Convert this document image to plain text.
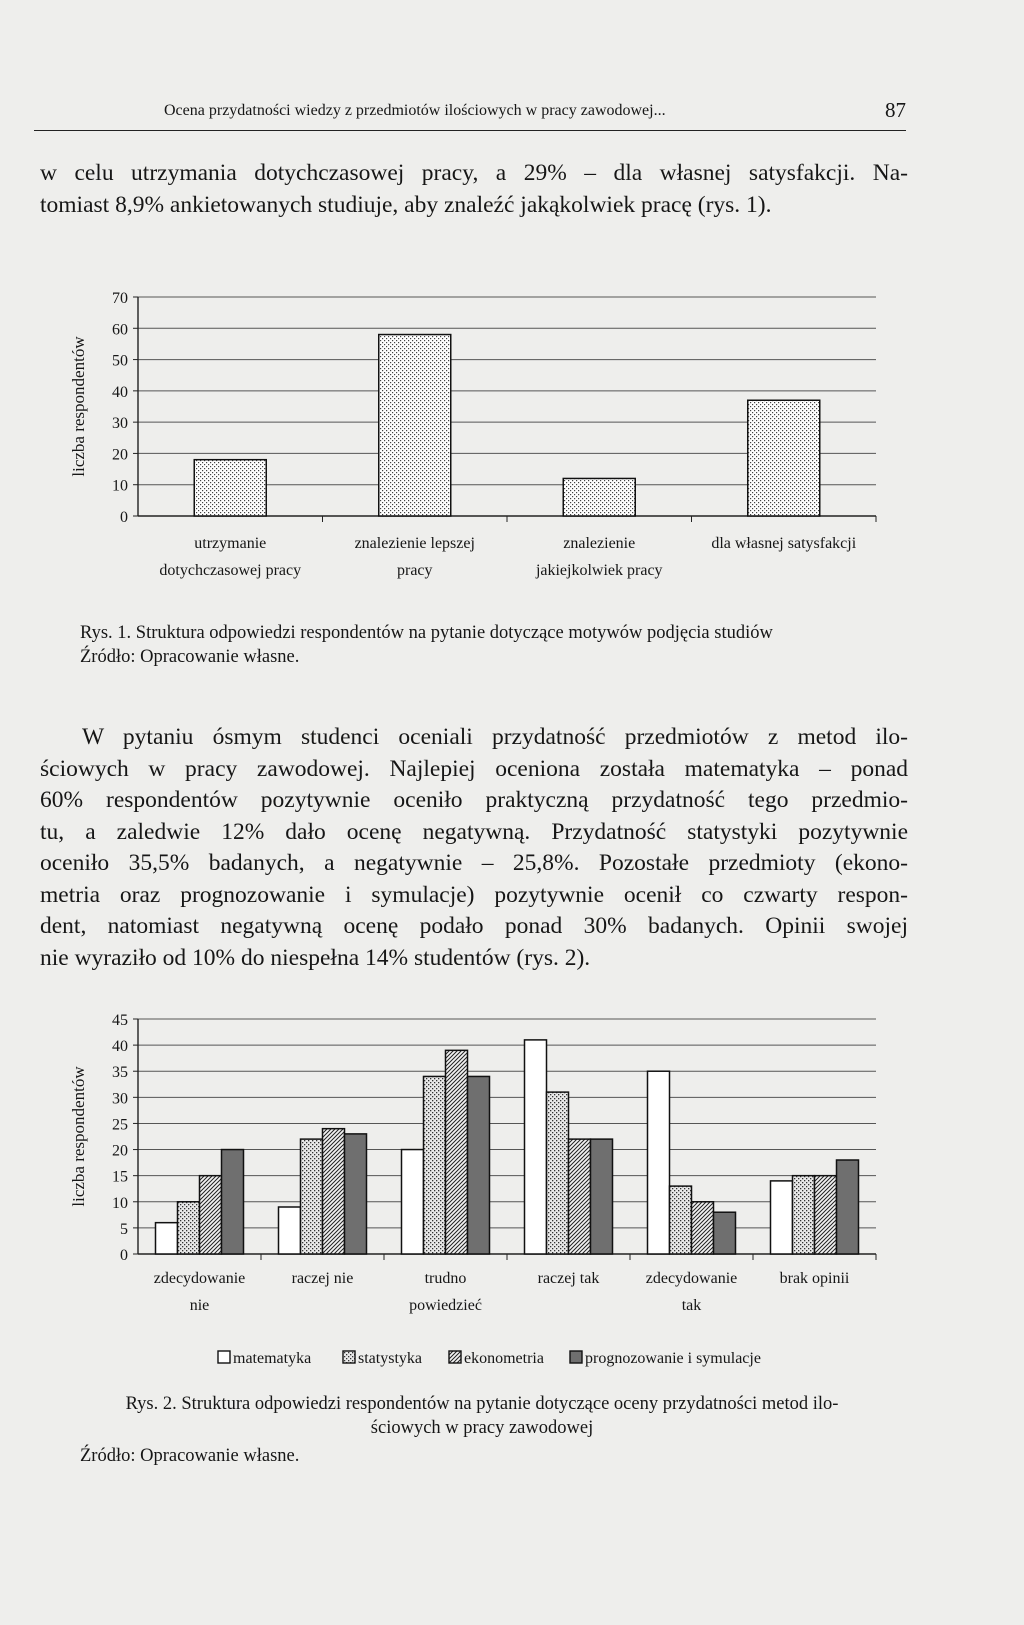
Ocena przydatności wiedzy z przedmiotów ilościowych w pracy zawodowej...	87

w celu utrzymania dotychczasowej pracy, a 29% – dla własnej satysfakcji. Na-
tomiast 8,9% ankietowanych studiuje, aby znaleźć jakąkolwiek pracę (rys. 1).

0
10
20
30
40
50
60
70
liczba respondentów
utrzymanie
dotychczasowej pracy
znalezienie lepszej
pracy
znalezienie
jakiejkolwiek pracy
dla własnej satysfakcji

Rys. 1. Struktura odpowiedzi respondentów na pytanie dotyczące motywów podjęcia studiów

Źródło: Opracowanie własne.

W pytaniu ósmym studenci oceniali przydatność przedmiotów z metod ilo-
ściowych w pracy zawodowej. Najlepiej oceniona została matematyka – ponad
60% respondentów pozytywnie oceniło praktyczną przydatność tego przedmio-
tu, a zaledwie 12% dało ocenę negatywną. Przydatność statystyki pozytywnie
oceniło 35,5% badanych, a negatywnie – 25,8%. Pozostałe przedmioty (ekono-
metria oraz prognozowanie i symulacje) pozytywnie ocenił co czwarty respon-
dent, natomiast negatywną ocenę podało ponad 30% badanych. Opinii swojej
nie wyraziło od 10% do niespełna 14% studentów (rys. 2).

0
5
10
15
20
25
30
35
40
45
liczba respondentów
zdecydowanie
nie
raczej nie	trudno
powiedzieć
raczej tak	zdecydowanie
tak
brak opinii
matematyka	statystyka	ekonometria	prognozowanie i symulacje
Rys. 2. Struktura odpowiedzi respondentów na pytanie dotyczące oceny przydatności metod ilo-
ściowych w pracy zawodowej

Źródło: Opracowanie własne.
